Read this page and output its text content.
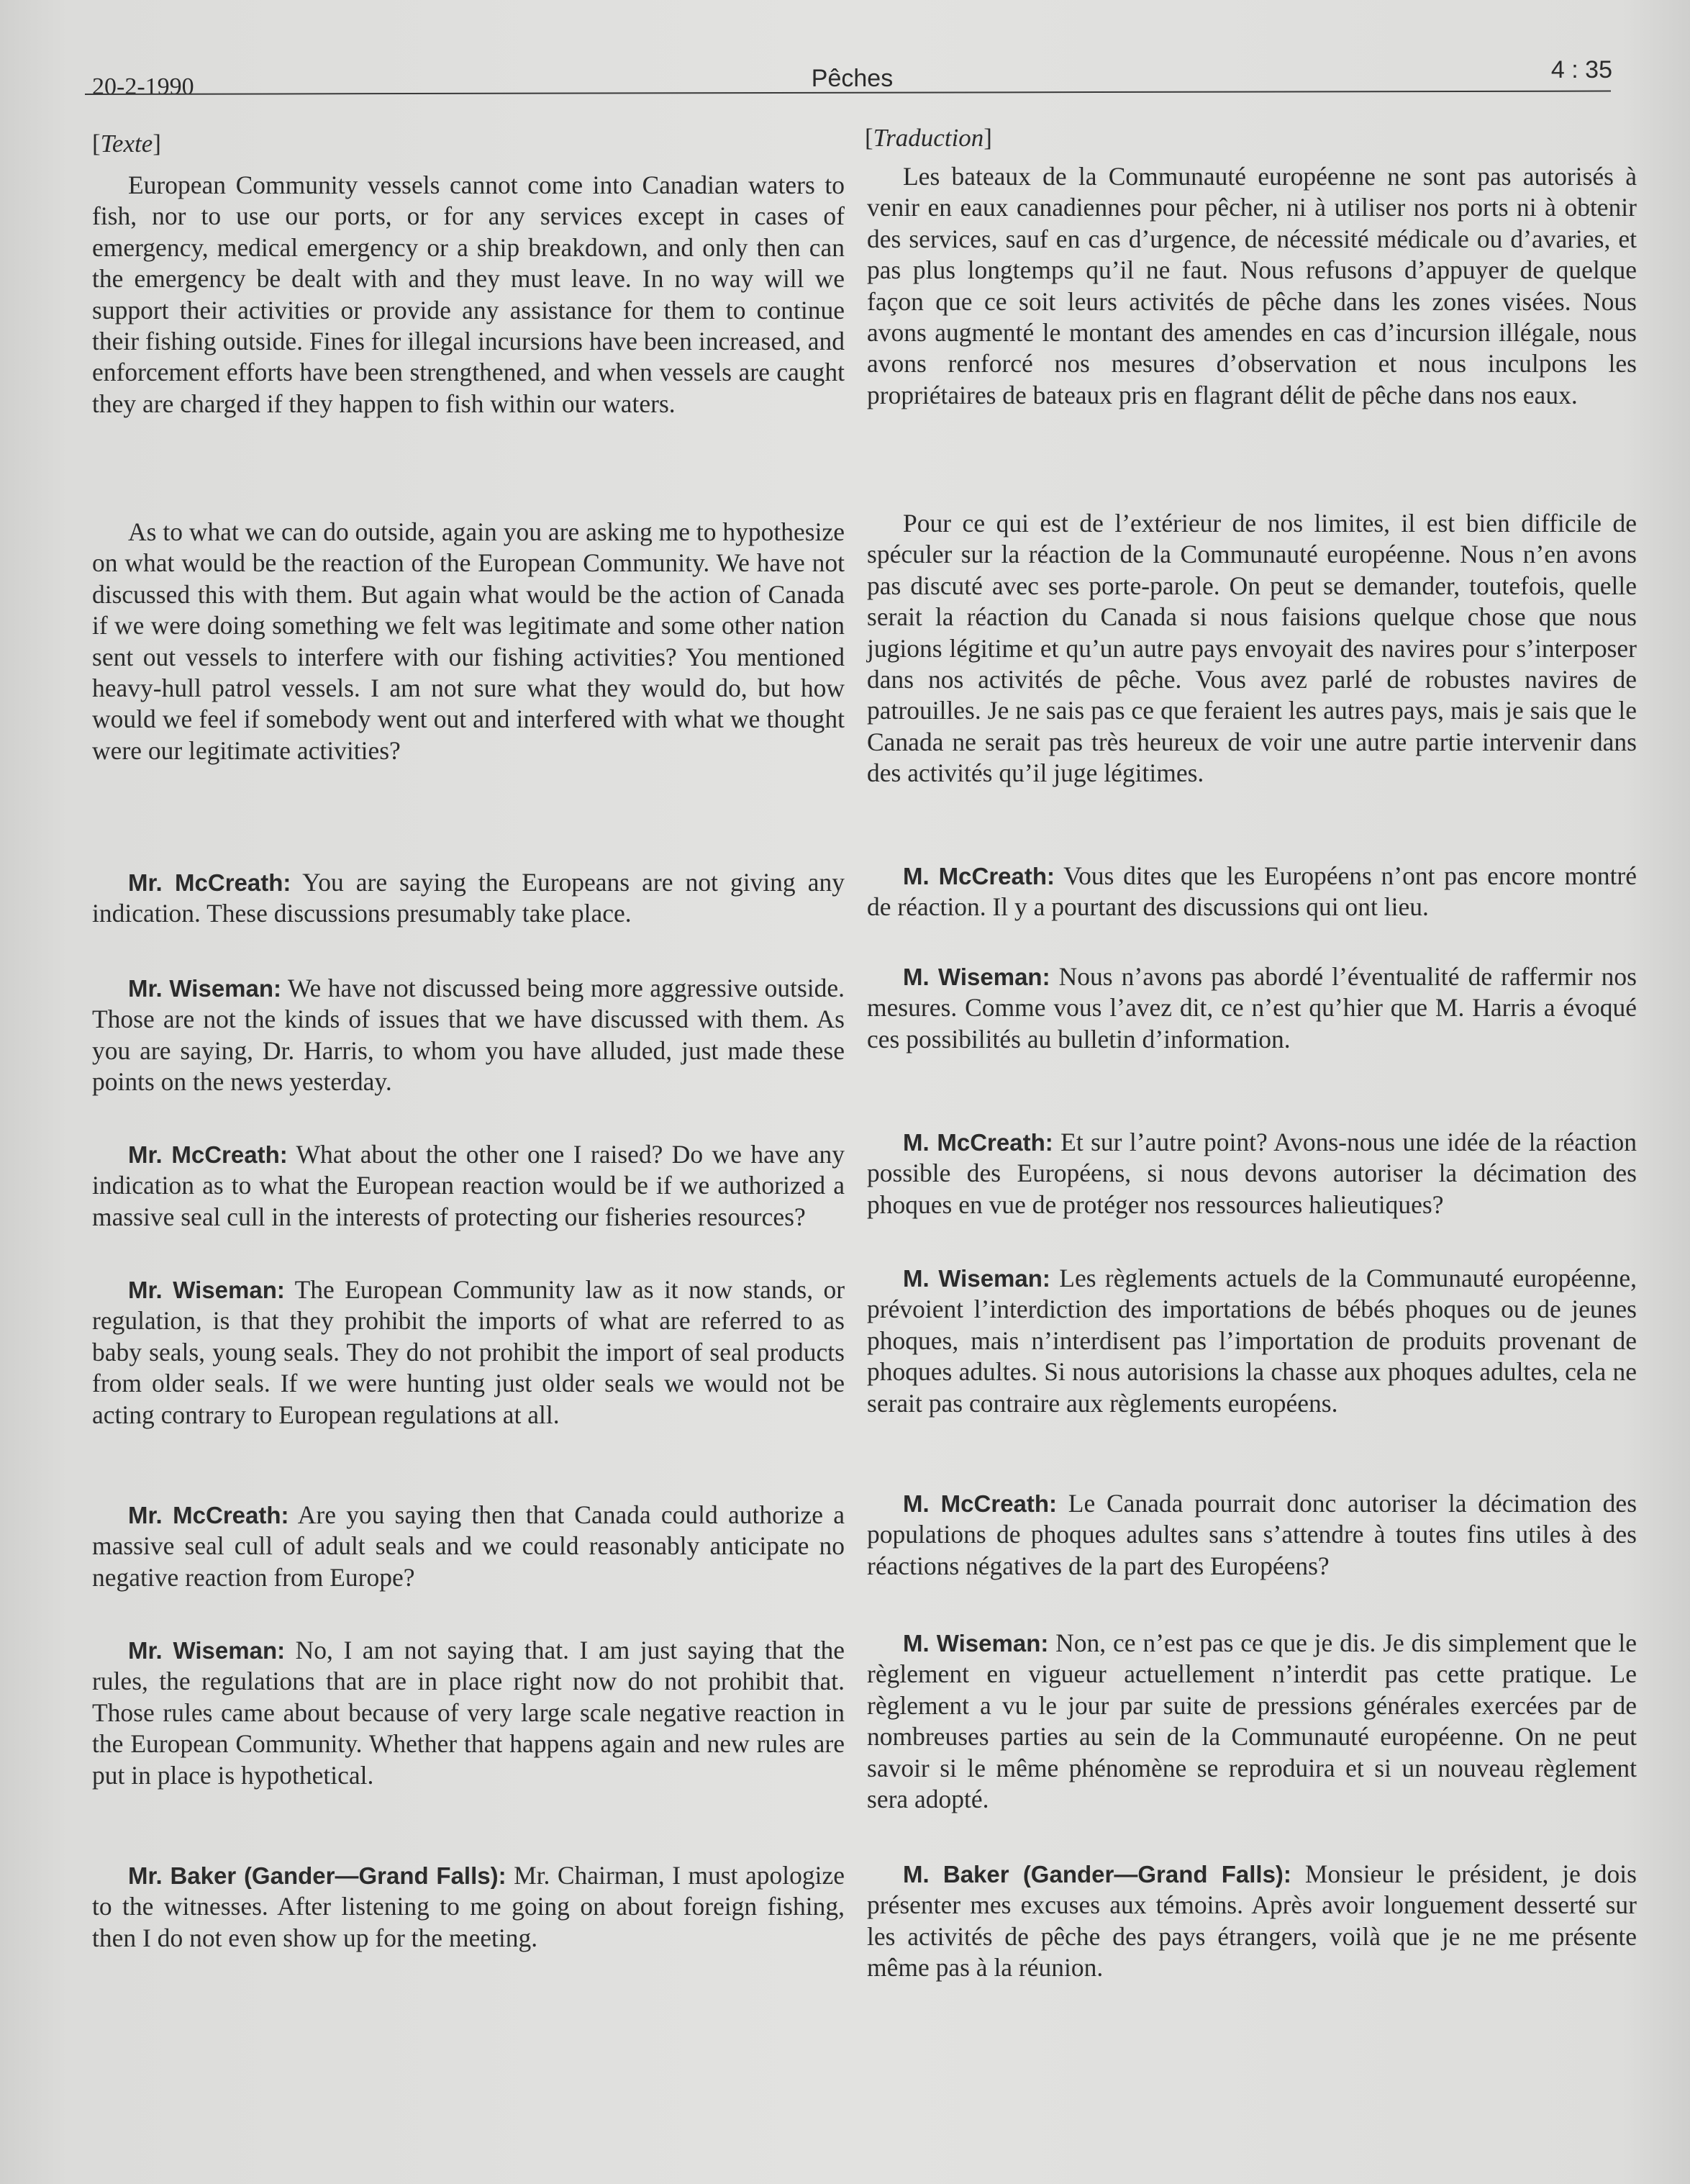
20-2-1990	Pêches	4 : 35
[Texte]

European Community vessels cannot come into Canadian waters to fish, nor to use our ports, or for any services except in cases of emergency, medical emergency or a ship breakdown, and only then can the emergency be dealt with and they must leave. In no way will we support their activities or provide any assistance for them to continue their fishing outside. Fines for illegal incursions have been increased, and enforcement efforts have been strengthened, and when vessels are caught they are charged if they happen to fish within our waters.

As to what we can do outside, again you are asking me to hypothesize on what would be the reaction of the European Community. We have not discussed this with them. But again what would be the action of Canada if we were doing something we felt was legitimate and some other nation sent out vessels to interfere with our fishing activities? You mentioned heavy-hull patrol vessels. I am not sure what they would do, but how would we feel if somebody went out and interfered with what we thought were our legitimate activities?

Mr. McCreath: You are saying the Europeans are not giving any indication. These discussions presumably take place.

Mr. Wiseman: We have not discussed being more aggressive outside. Those are not the kinds of issues that we have discussed with them. As you are saying, Dr. Harris, to whom you have alluded, just made these points on the news yesterday.

Mr. McCreath: What about the other one I raised? Do we have any indication as to what the European reaction would be if we authorized a massive seal cull in the interests of protecting our fisheries resources?

Mr. Wiseman: The European Community law as it now stands, or regulation, is that they prohibit the imports of what are referred to as baby seals, young seals. They do not prohibit the import of seal products from older seals. If we were hunting just older seals we would not be acting contrary to European regulations at all.

Mr. McCreath: Are you saying then that Canada could authorize a massive seal cull of adult seals and we could reasonably anticipate no negative reaction from Europe?

Mr. Wiseman: No, I am not saying that. I am just saying that the rules, the regulations that are in place right now do not prohibit that. Those rules came about because of very large scale negative reaction in the European Community. Whether that happens again and new rules are put in place is hypothetical.

Mr. Baker (Gander—Grand Falls): Mr. Chairman, I must apologize to the witnesses. After listening to me going on about foreign fishing, then I do not even show up for the meeting.

[Traduction]

Les bateaux de la Communauté européenne ne sont pas autorisés à venir en eaux canadiennes pour pêcher, ni à utiliser nos ports ni à obtenir des services, sauf en cas d’urgence, de nécessité médicale ou d’avaries, et pas plus longtemps qu’il ne faut. Nous refusons d’appuyer de quelque façon que ce soit leurs activités de pêche dans les zones visées. Nous avons augmenté le montant des amendes en cas d’incursion illégale, nous avons renforcé nos mesures d’observation et nous inculpons les propriétaires de bateaux pris en flagrant délit de pêche dans nos eaux.

Pour ce qui est de l’extérieur de nos limites, il est bien difficile de spéculer sur la réaction de la Communauté européenne. Nous n’en avons pas discuté avec ses porte-parole. On peut se demander, toutefois, quelle serait la réaction du Canada si nous faisions quelque chose que nous jugions légitime et qu’un autre pays envoyait des navires pour s’interposer dans nos activités de pêche. Vous avez parlé de robustes navires de patrouilles. Je ne sais pas ce que feraient les autres pays, mais je sais que le Canada ne serait pas très heureux de voir une autre partie intervenir dans des activités qu’il juge légitimes.

M. McCreath: Vous dites que les Européens n’ont pas encore montré de réaction. Il y a pourtant des discussions qui ont lieu.

M. Wiseman: Nous n’avons pas abordé l’éventualité de raffermir nos mesures. Comme vous l’avez dit, ce n’est qu’hier que M. Harris a évoqué ces possibilités au bulletin d’information.

M. McCreath: Et sur l’autre point? Avons-nous une idée de la réaction possible des Européens, si nous devons autoriser la décimation des phoques en vue de protéger nos ressources halieutiques?

M. Wiseman: Les règlements actuels de la Communauté européenne, prévoient l’interdiction des importations de bébés phoques ou de jeunes phoques, mais n’interdisent pas l’importation de produits provenant de phoques adultes. Si nous autorisions la chasse aux phoques adultes, cela ne serait pas contraire aux règlements européens.

M. McCreath: Le Canada pourrait donc autoriser la décimation des populations de phoques adultes sans s’attendre à toutes fins utiles à des réactions négatives de la part des Européens?

M. Wiseman: Non, ce n’est pas ce que je dis. Je dis simplement que le règlement en vigueur actuellement n’interdit pas cette pratique. Le règlement a vu le jour par suite de pressions générales exercées par de nombreuses parties au sein de la Communauté européenne. On ne peut savoir si le même phénomène se reproduira et si un nouveau règlement sera adopté.

M. Baker (Gander—Grand Falls): Monsieur le président, je dois présenter mes excuses aux témoins. Après avoir longuement desserté sur les activités de pêche des pays étrangers, voilà que je ne me présente même pas à la réunion.
